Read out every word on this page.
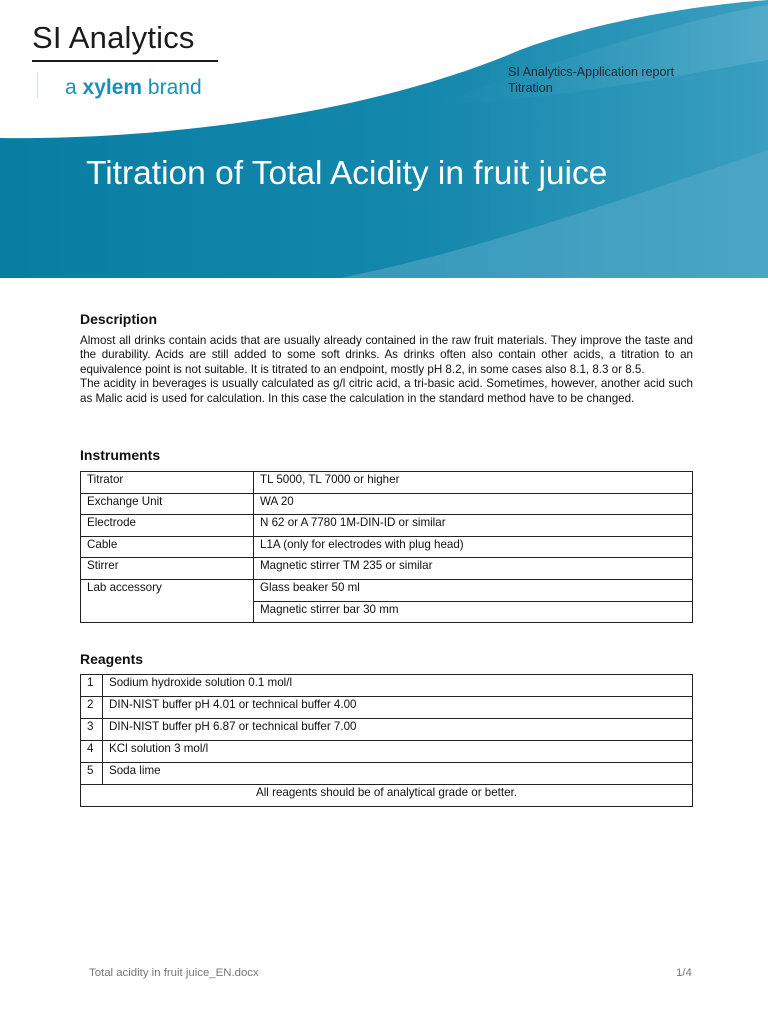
SI Analytics
a xylem brand
SI Analytics-Application report
Titration
Titration of Total Acidity in fruit juice
Description

Almost all drinks contain acids that are usually already contained in the raw fruit materials. They improve the taste and the durability. Acids are still added to some soft drinks. As drinks often also contain other acids, a titration to an equivalence point is not suitable. It is titrated to an endpoint, mostly pH 8.2, in some cases also 8.1, 8.3 or 8.5.

The acidity in beverages is usually calculated as g/l citric acid, a tri-basic acid. Sometimes, however, another acid such as Malic acid is used for calculation. In this case the calculation in the standard method have to be changed.

Instruments
Titrator	TL 5000, TL 7000 or higher
Exchange Unit	WA 20
Electrode	N 62 or A 7780 1M-DIN-ID or similar
Cable	L1A (only for electrodes with plug head)
Stirrer	Magnetic stirrer TM 235 or similar
Lab accessory	Glass beaker 50 ml
	Magnetic stirrer bar 30 mm
Reagents
1	Sodium hydroxide solution 0.1 mol/l
2	DIN-NIST buffer pH 4.01 or technical buffer 4.00
3	DIN-NIST buffer pH 6.87 or technical buffer 7.00
4	KCl solution 3 mol/l
5	Soda lime
All reagents should be of analytical grade or better.	
Total acidity in fruit juice_EN.docx	1/4
